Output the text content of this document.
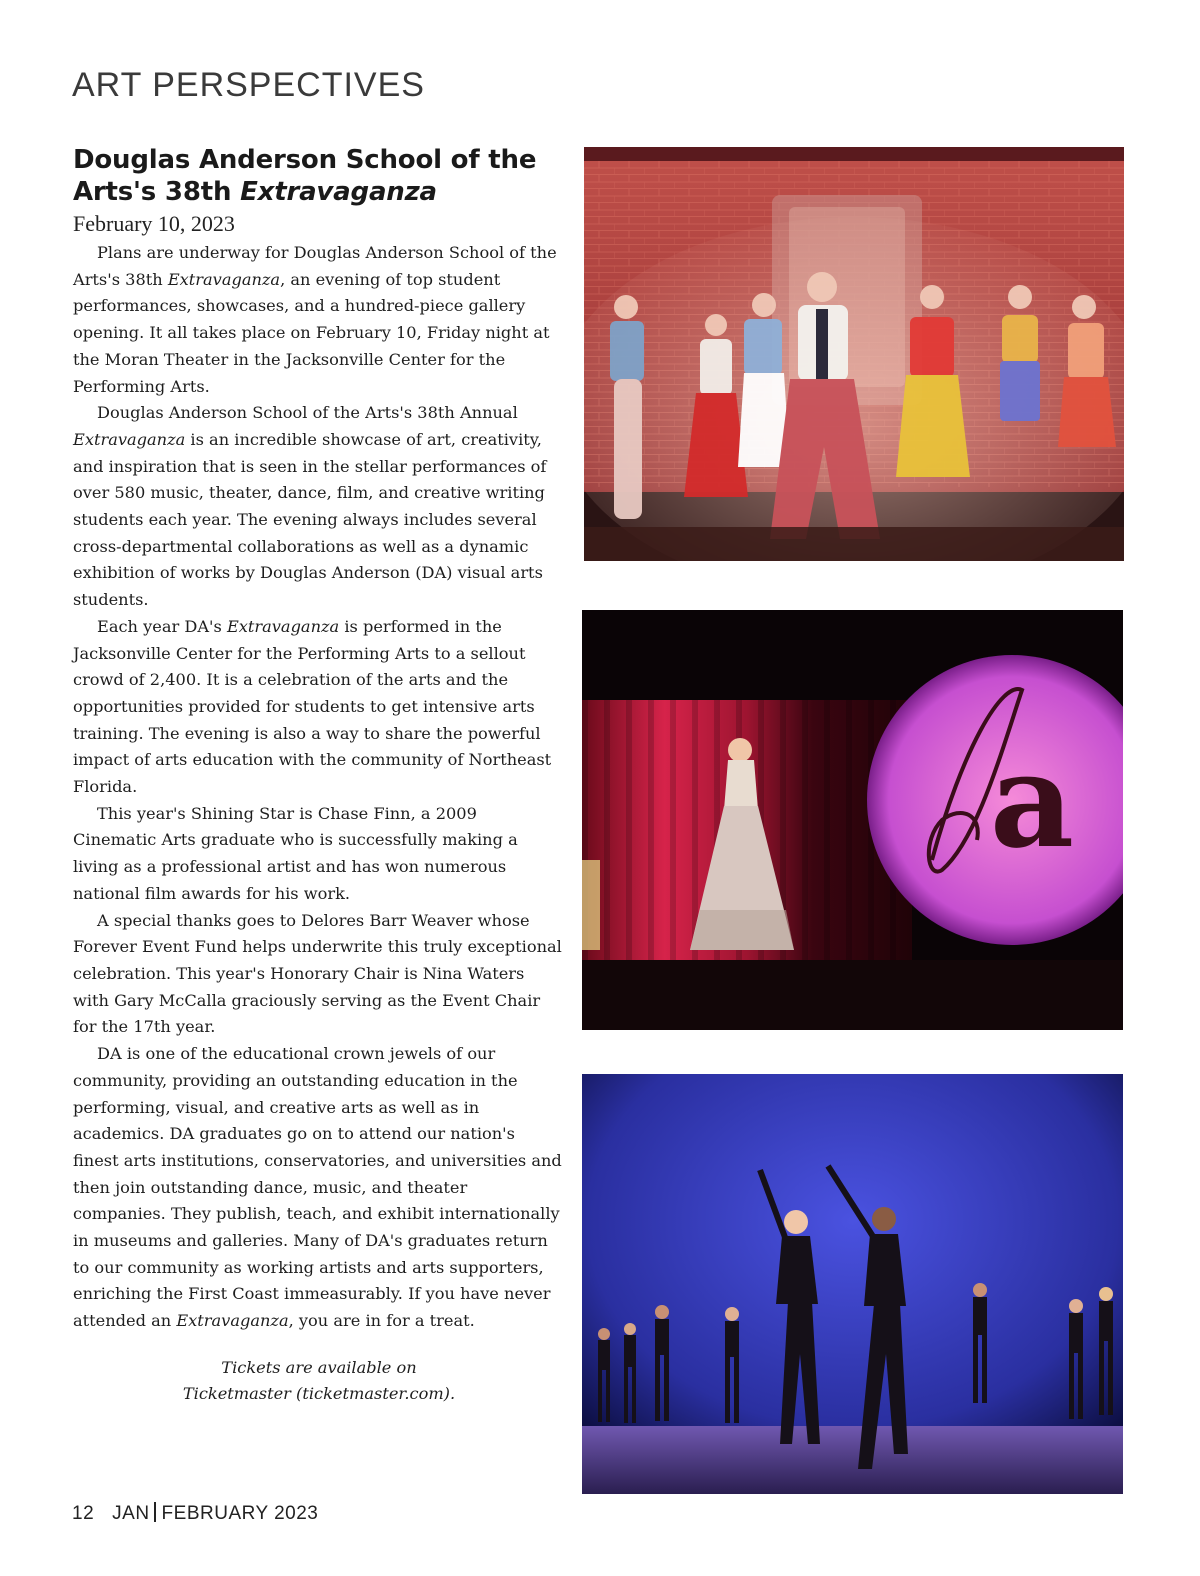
ART PERSPECTIVES
Douglas Anderson School of the
Arts's 38th Extravaganza
February 10, 2023

Plans are underway for Douglas Anderson School of the Arts's 38th Extravaganza, an evening of top student performances, showcases, and a hundred-piece gallery opening. It all takes place on February 10, Friday night at the Moran Theater in the Jacksonville Center for the Performing Arts.

Douglas Anderson School of the Arts's 38th Annual Extravaganza is an incredible showcase of art, creativity, and inspiration that is seen in the stellar performances of over 580 music, theater, dance, film, and creative writing students each year. The evening always includes several cross-departmental collaborations as well as a dynamic exhibition of works by Douglas Anderson (DA) visual arts students.

Each year DA's Extravaganza is performed in the Jacksonville Center for the Performing Arts to a sellout crowd of 2,400. It is a celebration of the arts and the opportunities provided for students to get intensive arts training. The evening is also a way to share the powerful impact of arts education with the community of Northeast Florida.

This year's Shining Star is Chase Finn, a 2009 Cinematic Arts graduate who is successfully making a living as a professional artist and has won numerous national film awards for his work.

A special thanks goes to Delores Barr Weaver whose Forever Event Fund helps underwrite this truly exceptional celebration. This year's Honorary Chair is Nina Waters with Gary McCalla graciously serving as the Event Chair for the 17th year.

DA is one of the educational crown jewels of our community, providing an outstanding education in the performing, visual, and creative arts as well as in academics. DA graduates go on to attend our nation's finest arts institutions, conservatories, and universities and then join outstanding dance, music, and theater companies. They publish, teach, and exhibit internationally in museums and galleries. Many of DA's graduates return to our community as working artists and arts supporters, enriching the First Coast immeasurably. If you have never attended an Extravaganza, you are in for a treat.

Tickets are available on
Ticketmaster (ticketmaster.com).
a
12 JAN FEBRUARY 2023
